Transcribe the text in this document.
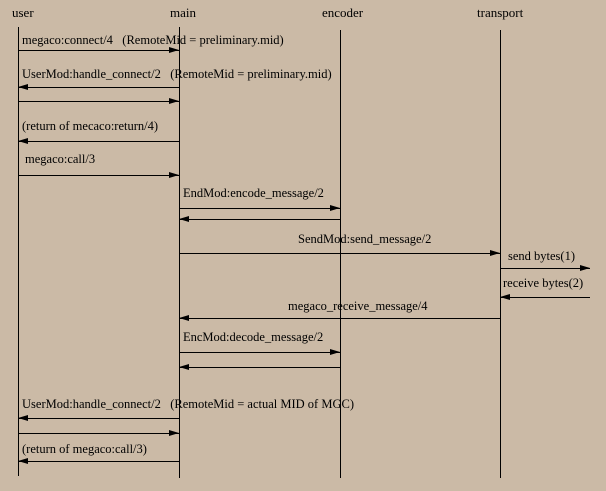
user	main	encoder	transport
megaco:connect/4   (RemoteMid = preliminary.mid)
UserMod:handle_connect/2   (RemoteMid = preliminary.mid)
(return of mecaco:return/4)
megaco:call/3
EndMod:encode_message/2
SendMod:send_message/2
send bytes(1)
receive bytes(2)
megaco_receive_message/4
EncMod:decode_message/2
UserMod:handle_connect/2   (RemoteMid = actual MID of MGC)
(return of megaco:call/3)
